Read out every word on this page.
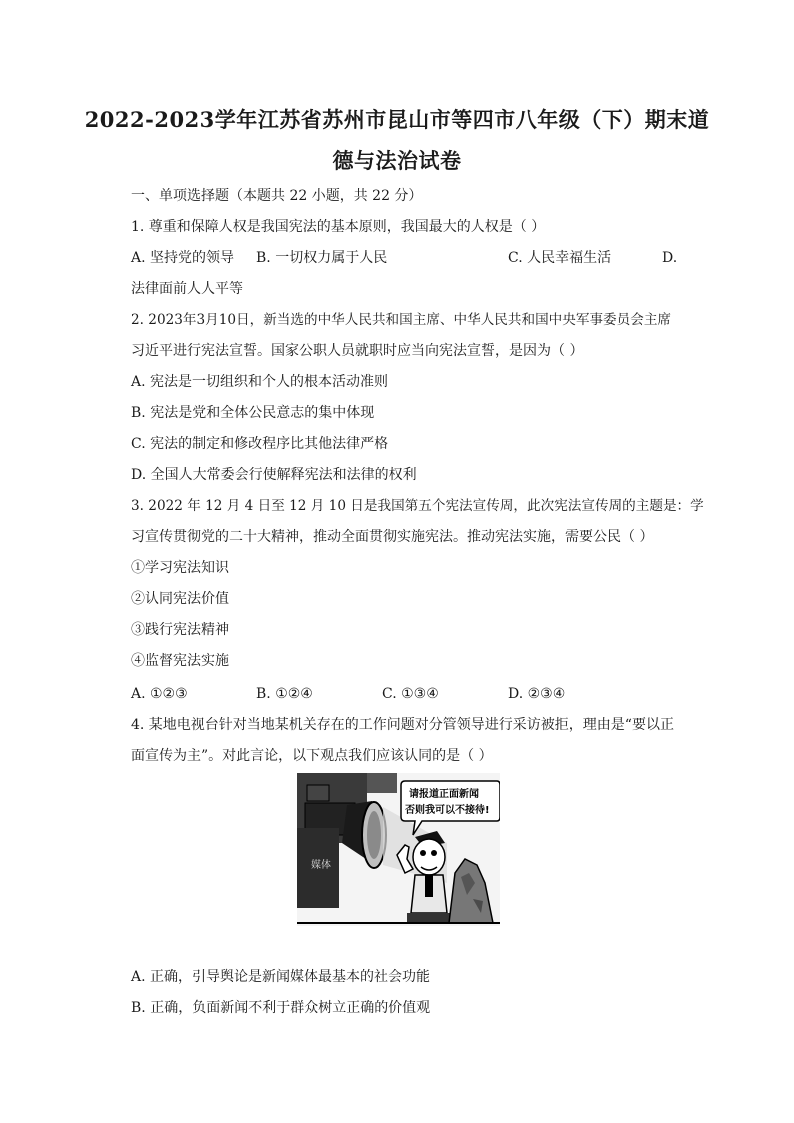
2022-2023学年江苏省苏州市昆山市等四市八年级（下）期末道
德与法治试卷
一、单项选择题（本题共 22 小题，共 22 分）
1. 尊重和保障人权是我国宪法的基本原则，我国最大的人权是（ ）
A. 坚持党的领导 B. 一切权力属于人民	C. 人民幸福生活	D.
法律面前人人平等
2. 2023年3月10日，新当选的中华人民共和国主席、中华人民共和国中央军事委员会主席
习近平进行宪法宣誓。国家公职人员就职时应当向宪法宣誓，是因为（ ）
A. 宪法是一切组织和个人的根本活动准则
B. 宪法是党和全体公民意志的集中体现
C. 宪法的制定和修改程序比其他法律严格
D. 全国人大常委会行使解释宪法和法律的权利
3. 2022 年 12 月 4 日至 12 月 10 日是我国第五个宪法宣传周，此次宪法宣传周的主题是：学
习宣传贯彻党的二十大精神，推动全面贯彻实施宪法。推动宪法实施，需要公民（ ）
①学习宪法知识
②认同宪法价值
③践行宪法精神
④监督宪法实施
A. ①②③	B. ①②④	C. ①③④	D. ②③④
4. 某地电视台针对当地某机关存在的工作问题对分管领导进行采访被拒，理由是“要以正
面宣传为主”。对此言论，以下观点我们应该认同的是（ ）
媒体
请报道正面新闻
否则我可以不接待!
A. 正确，引导舆论是新闻媒体最基本的社会功能
B. 正确，负面新闻不利于群众树立正确的价值观
